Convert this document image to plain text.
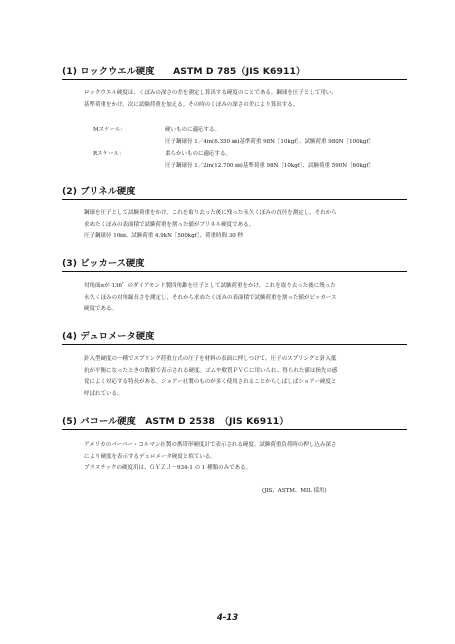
(1) ロックウエル硬度　　ASTM D 785（JIS K6911）
ロックウエル硬度は、くぼみの深さの差を測定し算出する硬度のことである。鋼球を圧子として用い、
基準荷重をかけ、次に試験荷重を加える。その時のくぼみの深さの差により算出する。
Mスケール：	硬いものに適応する。
圧子鋼球径 1／4in(6.350 ㎜)基準荷重 98N［10kgf］、試験荷重 980N［100kgf］
Rスケール：	柔らかいものに適応する。
圧子鋼球径 1／2in(12.700 ㎜)基準荷重 98N［10kgf］、試験荷重 590N［60kgf］
(2) ブリネル硬度
鋼球を圧子として試験荷重をかけ、これを取り去った後に残った永久くぼみの直径を測定し、それから
求めたくぼみの表面積で試験荷重を割った値がブリネル硬度である。
圧子鋼球径 10㎜、試験荷重 4.9kN［500kgf］、荷重時間 30 秒
(3) ビッカース硬度
対角面αが 136゜のダイアモンド製四角錐を圧子として試験荷重をかけ、これを取り去った後に残った
永久くぼみの対角線長さを測定し、それから求めたくぼみの表面積で試験荷重を割った値がビッカース
硬度である。
(4) デュロメータ硬度
針入型硬度の一種でスプリング荷重方式の圧子を材料の表面に押しつけて、圧子のスプリングと針入抵
抗が平衡になったときの数値で表示される硬度。ゴムや軟質ＰＶＣに用いられ、得られた値は指先の感
覚によく対応する特長がある。ショアー社製のものが多く使用されることからしばしばショアー硬度と
呼ばれている。
(5) バコール硬度　ASTM D 2538　（JIS K6911）
アメリカのバーバー・コルマン社製の携帯形硬度計で表示される硬度。試験荷重負荷時の押し込み深さ
により硬度を表示するデュロメータ硬度と似ている。
プラスチックの硬度用は、ＧＹＺＪ－934-1 の 1 種類のみである。
(JIS、ASTM、MIL 採用)
4-13
